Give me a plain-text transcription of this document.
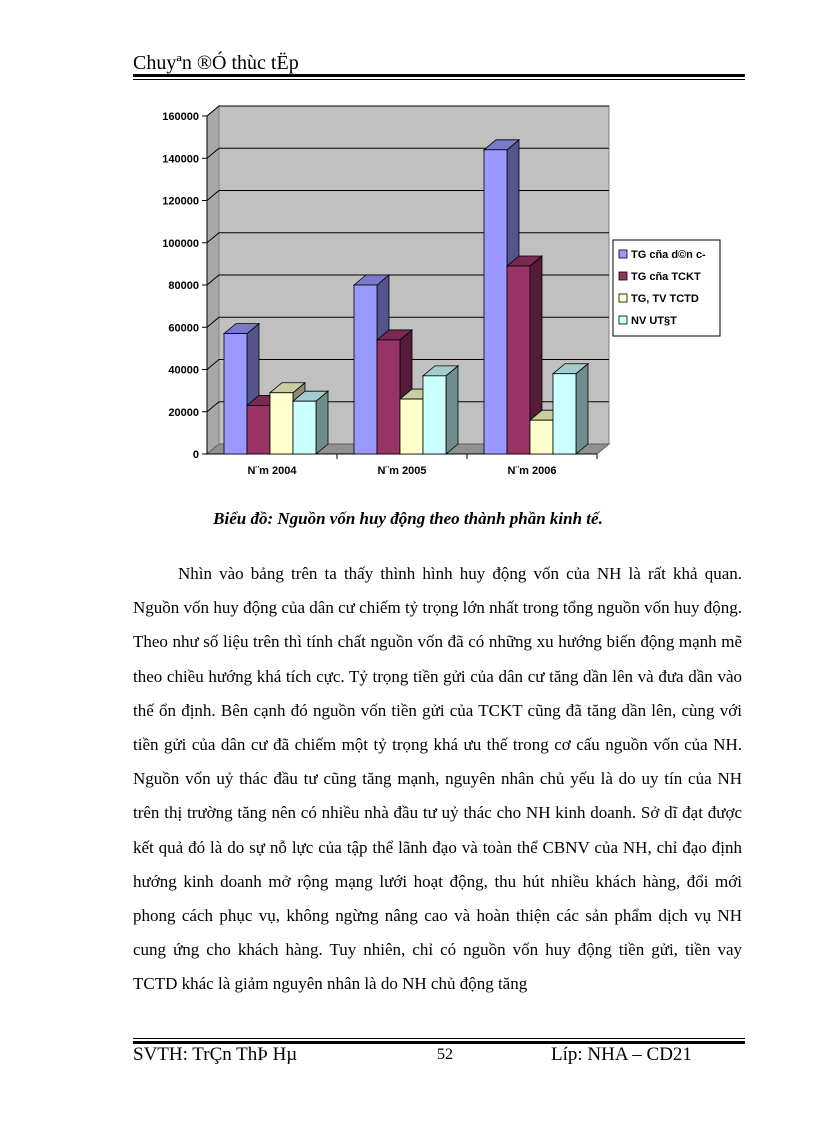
Chuyªn ®Ó thùc tËp
0
20000
40000
60000
80000
100000
120000
140000
160000
N¨m 2004	N¨m 2005	N¨m 2006
TG cña d©n c-
TG cña TCKT
TG, TV TCTD
NV UT§T
Biểu đồ: Nguồn vốn huy động theo thành phần kinh tế.

Nhìn vào bảng trên ta thấy thình hình huy động vốn của NH là rất khả quan. Nguồn vốn huy động của dân cư chiếm tỷ trọng lớn nhất trong tổng nguồn vốn huy động. Theo như số liệu trên thì tính chất nguồn vốn đã có những xu hướng biến động mạnh mẽ theo chiều hướng khá tích cực. Tỷ trọng tiền gửi của dân cư tăng dần lên và đưa dần vào thế ổn định. Bên cạnh đó nguồn vốn tiền gửi của TCKT cũng đã tăng dần lên, cùng với tiền gửi của dân cư đã chiếm một tỷ trọng khá ưu thế trong cơ cấu nguồn vốn của NH. Nguồn vốn uỷ thác đầu tư cũng tăng mạnh, nguyên nhân chủ yếu là do uy tín của NH trên thị trường tăng nên có nhiều nhà đầu tư uỷ thác cho NH kinh doanh. Sở dĩ đạt được kết quả đó là do sự nỗ lực của tập thể lãnh đạo và toàn thể CBNV của NH, chỉ đạo định hướng kinh doanh mở rộng mạng lưới hoạt động, thu hút nhiều khách hàng, đổi mới phong cách phục vụ, không ngừng nâng cao và hoàn thiện các sản phẩm dịch vụ NH cung ứng cho khách hàng. Tuy nhiên, chỉ có nguồn vốn huy động tiền gửi, tiền vay TCTD khác là giảm nguyên nhân là do NH chủ động tăng

SVTH: TrÇn ThÞ Hµ	52	Líp: NHA – CD21
